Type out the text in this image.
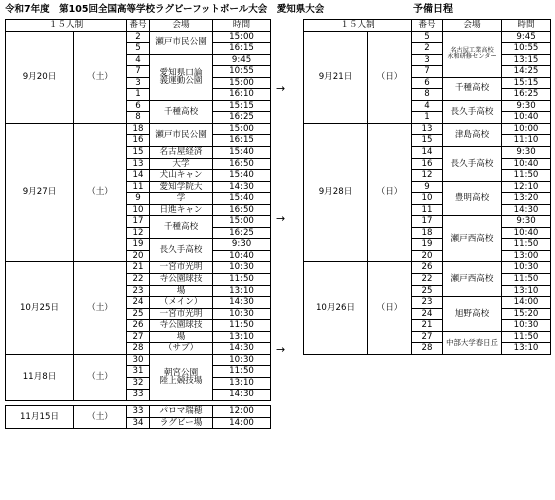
令和7年度　第105回全国高等学校ラグビーフットボール大会　愛知県大会	予備日程
１５人制		番号	会場	時間
9月20日	（土）	2	瀬戸市民公園	15:00
		5		16:15
		4	愛知県口論
義運動公園	9:45
		7		10:55
		3		15:00
		1		16:10
		6	千種高校	15:15
		8		16:25
9月27日	（土）	18	瀬戸市民公園	15:00
		16		16:15
		15	名古屋経済	15:40
		13	大学	16:50
		14	犬山キャン	15:40
		11	愛知学院大	14:30
		9	学	15:40
		10	日進キャン	16:50
		17	千種高校	15:00
		12		16:25
		19	長久手高校	9:30
		20		10:40
10月25日	（土）	21	一宮市光明	10:30
		22	寺公園球技	11:50
		23	場	13:10
		24	（メイン）	14:30
		25	一宮市光明	10:30
		26	寺公園球技	11:50
		27	場	13:10
		28	（サブ）	14:30
11月8日	（土）	30	朝宮公園
陸上競技場	10:30
		31		11:50
		32		13:10
		33		14:30

11月15日	（土）	33	パロマ瑞穂	12:00
		34	ラグビー場	14:00
→
→
→
１５人制		番号	会場	時間
9月21日	（日）	5	名古屋工業高校
永和研修センター	9:45
		2		10:55
		3		13:15
		7		14:25
		6	千種高校	15:15
		8		16:25
		4	長久手高校	9:30
		1		10:40
9月28日	（日）	13	津島高校	10:00
		15		11:10
		14	長久手高校	9:30
		16		10:40
		12		11:50
		9	豊明高校	12:10
		10		13:20
		11		14:30
		17	瀬戸西高校	9:30
		18		10:40
		19		11:50
		20		13:00
10月26日	（日）	26	瀬戸西高校	10:30
		22		11:50
		25		13:10
		23	旭野高校	14:00
		24		15:20
		21		10:30
		27	中部大学春日丘	11:50
		28		13:10
